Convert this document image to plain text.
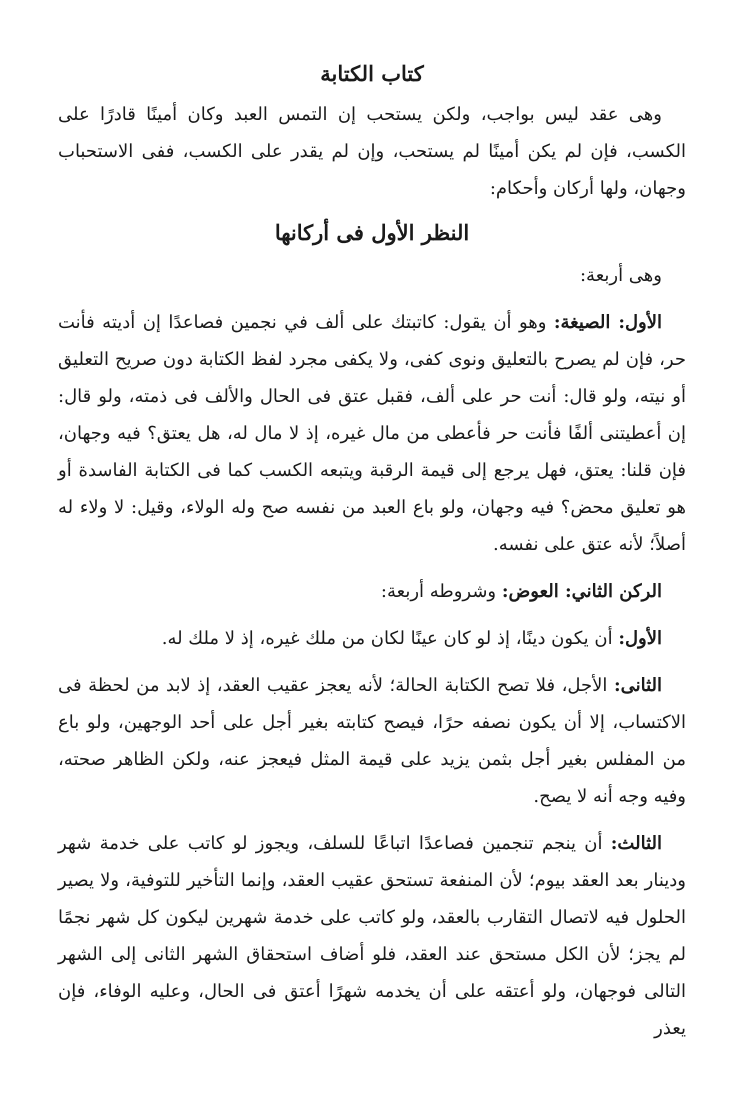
كتاب الكتابة

وهى عقد ليس بواجب، ولكن يستحب إن التمس العبد وكان أمينًا قادرًا على الكسب، فإن لم يكن أمينًا لم يستحب، وإن لم يقدر على الكسب، ففى الاستحباب وجهان، ولها أركان وأحكام:

النظر الأول فى أركانها

وهى أربعة:

الأول: الصيغة: وهو أن يقول: كاتبتك على ألف في نجمين فصاعدًا إن أديته فأنت حر، فإن لم يصرح بالتعليق ونوى كفى، ولا يكفى مجرد لفظ الكتابة دون صريح التعليق أو نيته، ولو قال: أنت حر على ألف، فقبل عتق فى الحال والألف فى ذمته، ولو قال: إن أعطيتنى ألفًا فأنت حر فأعطى من مال غيره، إذ لا مال له، هل يعتق؟ فيه وجهان، فإن قلنا: يعتق، فهل يرجع إلى قيمة الرقبة ويتبعه الكسب كما فى الكتابة الفاسدة أو هو تعليق محض؟ فيه وجهان، ولو باع العبد من نفسه صح وله الولاء، وقيل: لا ولاء له أصلاً؛ لأنه عتق على نفسه.

الركن الثاني: العوض: وشروطه أربعة:

الأول: أن يكون دينًا، إذ لو كان عينًا لكان من ملك غيره، إذ لا ملك له.

الثانى: الأجل، فلا تصح الكتابة الحالة؛ لأنه يعجز عقيب العقد، إذ لابد من لحظة فى الاكتساب، إلا أن يكون نصفه حرًا، فيصح كتابته بغير أجل على أحد الوجهين، ولو باع من المفلس بغير أجل بثمن يزيد على قيمة المثل فيعجز عنه، ولكن الظاهر صحته، وفيه وجه أنه لا يصح.

الثالث: أن ينجم تنجمين فصاعدًا اتباعًا للسلف، ويجوز لو كاتب على خدمة شهر ودينار بعد العقد بيوم؛ لأن المنفعة تستحق عقيب العقد، وإنما التأخير للتوفية، ولا يصير الحلول فيه لاتصال التقارب بالعقد، ولو كاتب على خدمة شهرين ليكون كل شهر نجمًا لم يجز؛ لأن الكل مستحق عند العقد، فلو أضاف استحقاق الشهر الثانى إلى الشهر التالى فوجهان، ولو أعتقه على أن يخدمه شهرًا أعتق فى الحال، وعليه الوفاء، فإن يعذر
